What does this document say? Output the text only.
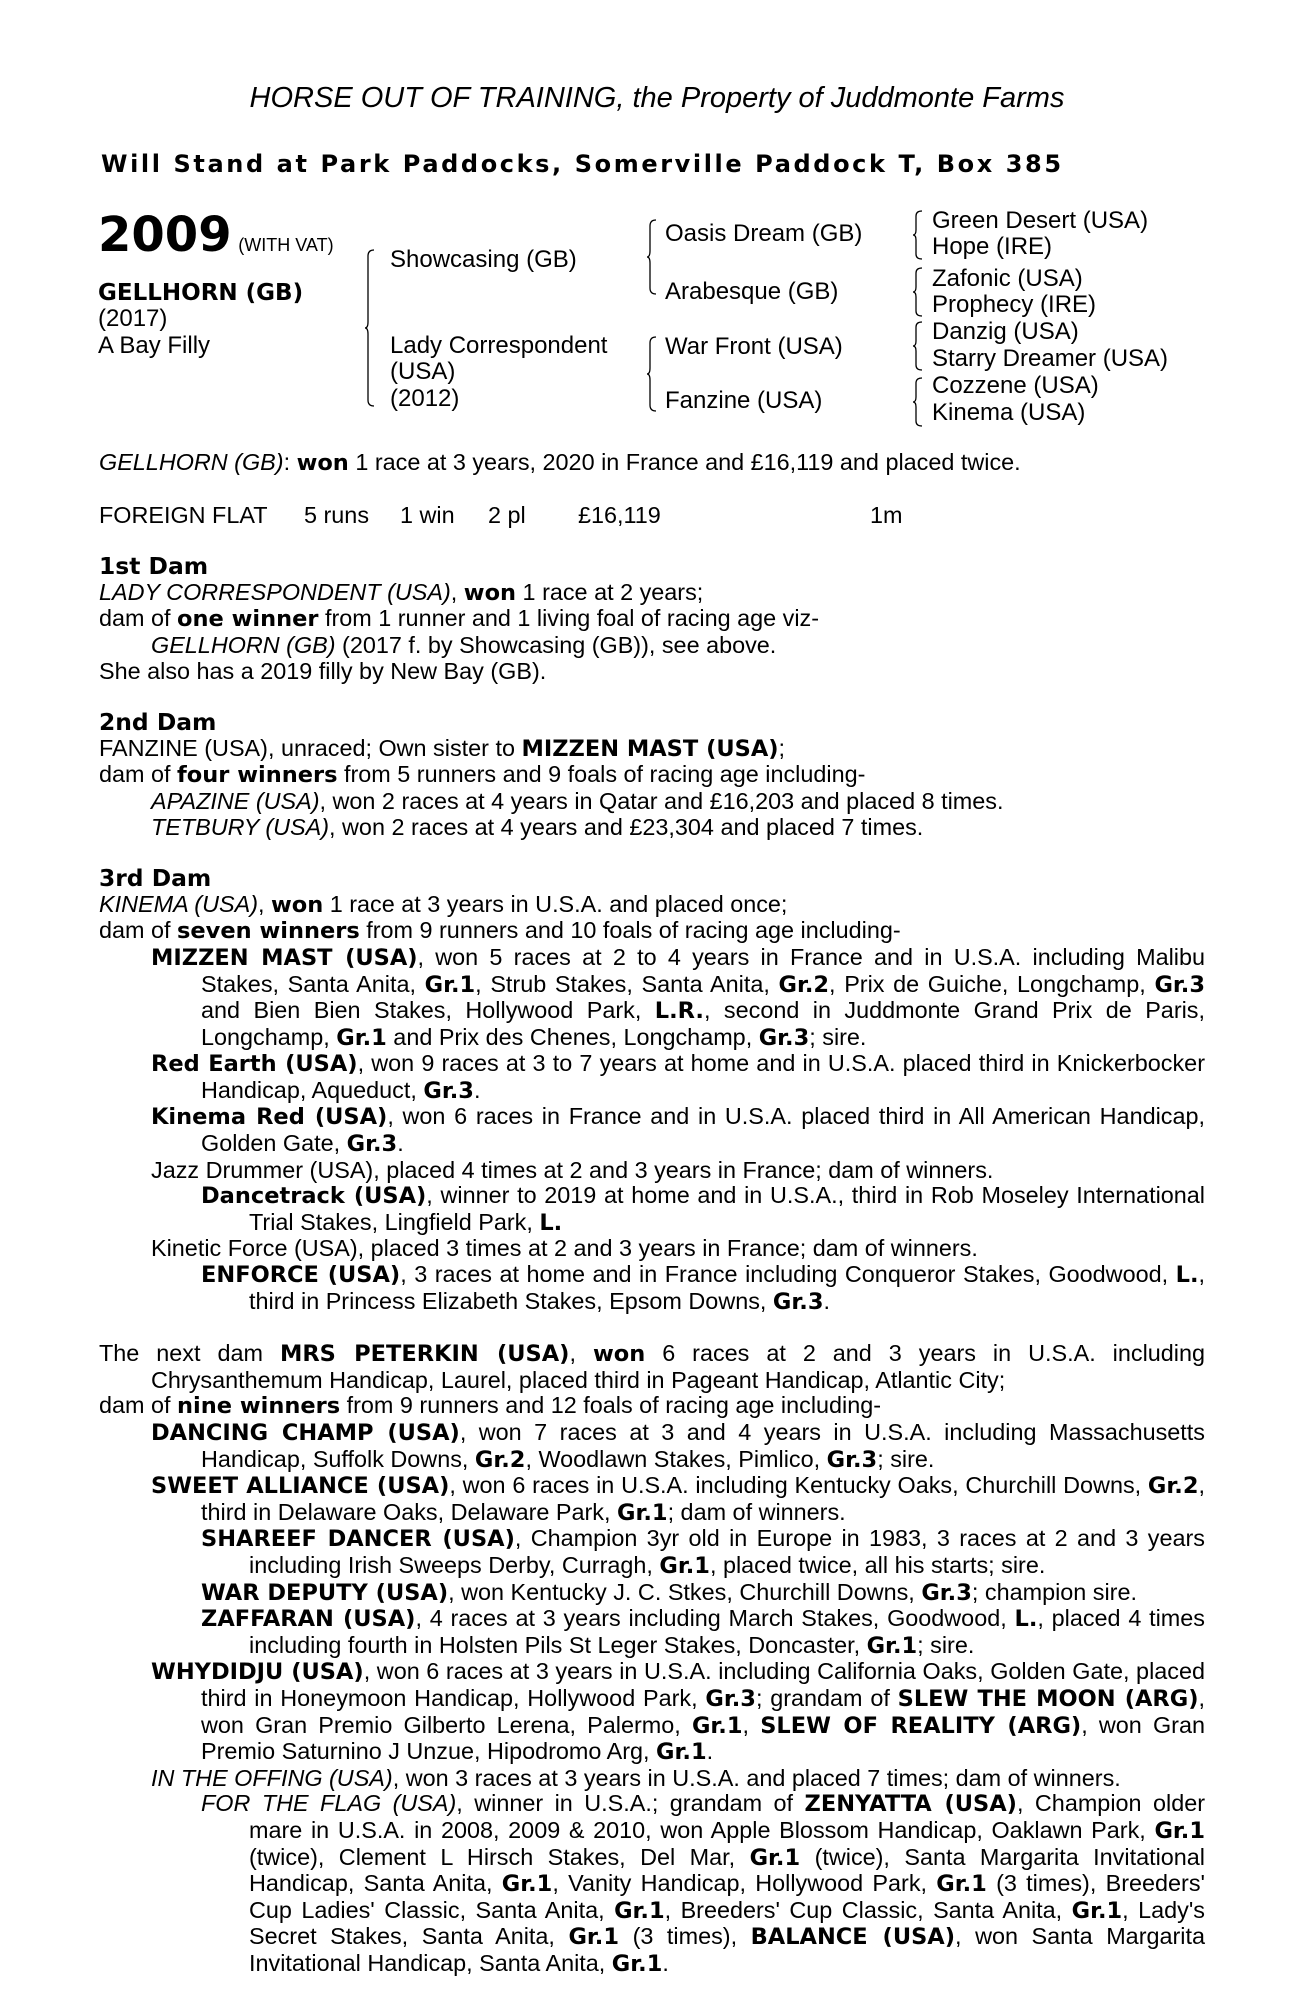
HORSE OUT OF TRAINING, the Property of Juddmonte Farms
Will Stand at Park Paddocks, Somerville Paddock T, Box 385
2009 (WITH VAT)
GELLHORN (GB)
(2017)
A Bay Filly
Showcasing (GB)
Lady Correspondent
(USA)
(2012)
Oasis Dream (GB)
Arabesque (GB)
War Front (USA)
Fanzine (USA)
Green Desert (USA)
Hope (IRE)
Zafonic (USA)
Prophecy (IRE)
Danzig (USA)
Starry Dreamer (USA)
Cozzene (USA)
Kinema (USA)

GELLHORN (GB): won 1 race at 3 years, 2020 in France and £16,119 and placed twice.

FOREIGN FLAT 5 runs 1 win 2 pl £16,119	1m

1st Dam

LADY CORRESPONDENT (USA), won 1 race at 2 years;

dam of one winner from 1 runner and 1 living foal of racing age viz-

GELLHORN (GB) (2017 f. by Showcasing (GB)), see above.

She also has a 2019 filly by New Bay (GB).

2nd Dam

FANZINE (USA), unraced; Own sister to MIZZEN MAST (USA);

dam of four winners from 5 runners and 9 foals of racing age including-

APAZINE (USA), won 2 races at 4 years in Qatar and £16,203 and placed 8 times.

TETBURY (USA), won 2 races at 4 years and £23,304 and placed 7 times.

3rd Dam

KINEMA (USA), won 1 race at 3 years in U.S.A. and placed once;

dam of seven winners from 9 runners and 10 foals of racing age including-

MIZZEN MAST (USA), won 5 races at 2 to 4 years in France and in U.S.A. including Malibu Stakes, Santa Anita, Gr.1, Strub Stakes, Santa Anita, Gr.2, Prix de Guiche, Longchamp, Gr.3 and Bien Bien Stakes, Hollywood Park, L.R., second in Juddmonte Grand Prix de Paris, Longchamp, Gr.1 and Prix des Chenes, Longchamp, Gr.3; sire.

Red Earth (USA), won 9 races at 3 to 7 years at home and in U.S.A. placed third in Knickerbocker Handicap, Aqueduct, Gr.3.

Kinema Red (USA), won 6 races in France and in U.S.A. placed third in All American Handicap, Golden Gate, Gr.3.

Jazz Drummer (USA), placed 4 times at 2 and 3 years in France; dam of winners.

Dancetrack (USA), winner to 2019 at home and in U.S.A., third in Rob Moseley International Trial Stakes, Lingfield Park, L.

Kinetic Force (USA), placed 3 times at 2 and 3 years in France; dam of winners.

ENFORCE (USA), 3 races at home and in France including Conqueror Stakes, Goodwood, L., third in Princess Elizabeth Stakes, Epsom Downs, Gr.3.

The next dam MRS PETERKIN (USA), won 6 races at 2 and 3 years in U.S.A. including Chrysanthemum Handicap, Laurel, placed third in Pageant Handicap, Atlantic City;

dam of nine winners from 9 runners and 12 foals of racing age including-

DANCING CHAMP (USA), won 7 races at 3 and 4 years in U.S.A. including Massachusetts Handicap, Suffolk Downs, Gr.2, Woodlawn Stakes, Pimlico, Gr.3; sire.

SWEET ALLIANCE (USA), won 6 races in U.S.A. including Kentucky Oaks, Churchill Downs, Gr.2, third in Delaware Oaks, Delaware Park, Gr.1; dam of winners.

SHAREEF DANCER (USA), Champion 3yr old in Europe in 1983, 3 races at 2 and 3 years including Irish Sweeps Derby, Curragh, Gr.1, placed twice, all his starts; sire.

WAR DEPUTY (USA), won Kentucky J. C. Stkes, Churchill Downs, Gr.3; champion sire.

ZAFFARAN (USA), 4 races at 3 years including March Stakes, Goodwood, L., placed 4 times including fourth in Holsten Pils St Leger Stakes, Doncaster, Gr.1; sire.

WHYDIDJU (USA), won 6 races at 3 years in U.S.A. including California Oaks, Golden Gate, placed third in Honeymoon Handicap, Hollywood Park, Gr.3; grandam of SLEW THE MOON (ARG), won Gran Premio Gilberto Lerena, Palermo, Gr.1, SLEW OF REALITY (ARG), won Gran Premio Saturnino J Unzue, Hipodromo Arg, Gr.1.

IN THE OFFING (USA), won 3 races at 3 years in U.S.A. and placed 7 times; dam of winners.

FOR THE FLAG (USA), winner in U.S.A.; grandam of ZENYATTA (USA), Champion older mare in U.S.A. in 2008, 2009 & 2010, won Apple Blossom Handicap, Oaklawn Park, Gr.1 (twice), Clement L Hirsch Stakes, Del Mar, Gr.1 (twice), Santa Margarita Invitational Handicap, Santa Anita, Gr.1, Vanity Handicap, Hollywood Park, Gr.1 (3 times), Breeders' Cup Ladies' Classic, Santa Anita, Gr.1, Breeders' Cup Classic, Santa Anita, Gr.1, Lady's Secret Stakes, Santa Anita, Gr.1 (3 times), BALANCE (USA), won Santa Margarita Invitational Handicap, Santa Anita, Gr.1.
